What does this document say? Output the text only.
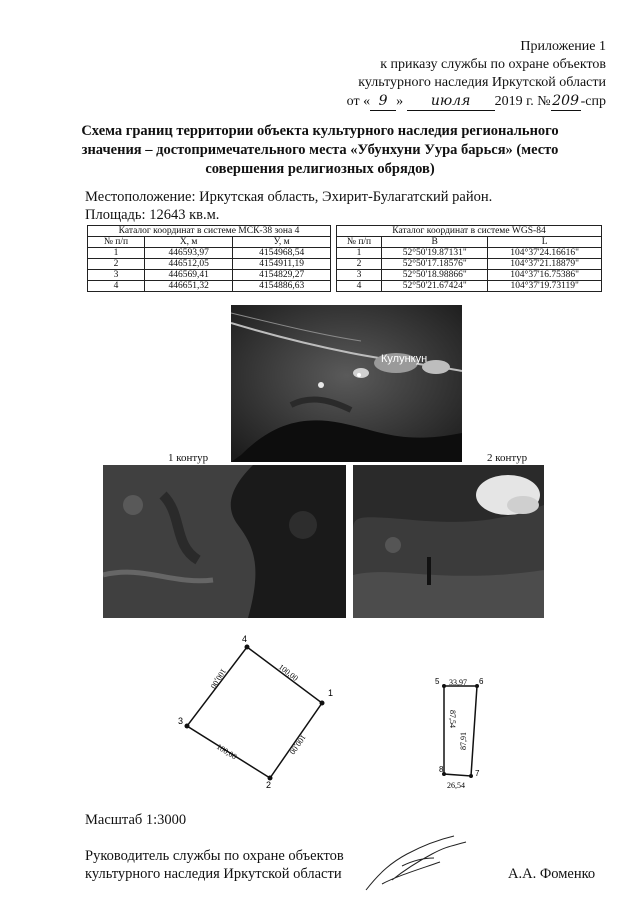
Приложение 1
к приказу службы по охране объектов
культурного наследия Иркутской области
от « 9 » июля 2019 г. № 209 -спр
Схема границ территории объекта культурного наследия регионального
значения – достопримечательного места «Убунхуни Уура барься» (место
совершения религиозных обрядов)
Местоположение: Иркутская область, Эхирит-Булагатский район.
Площадь: 12643 кв.м.
Каталог координат в системе МСК-38 зона 4		
№ п/п	X, м	У, м
1	446593,97	4154968,54
2	446512,05	4154911,19
3	446569,41	4154829,27
4	446651,32	4154886,63
Каталог координат в системе WGS-84		
№ п/п	B	L
1	52°50'19.87131"	104°37'24.16616"
2	52°50'17.18576"	104°37'21.18879"
3	52°50'18.98866"	104°37'16.75386"
4	52°50'21.67424"	104°37'19.73119"
Кулункун
1 контур	2 контур
1
2
3
4
100,00
100,00
100,00
100,00	5	6
7
8
33,97
87,91
26,54
87,54
Масштаб 1:3000
Руководитель службы по охране объектов
культурного наследия Иркутской области	А.А. Фоменко
